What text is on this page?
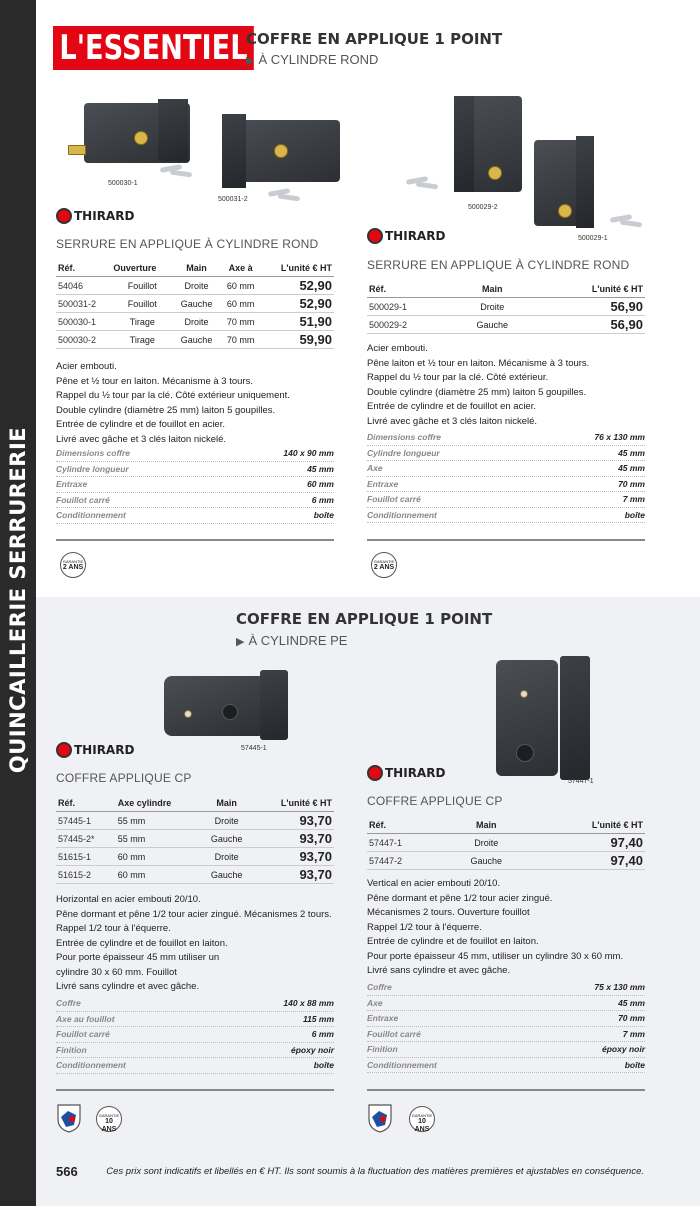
QUINCAILLERIE SERRURERIE
L'ESSENTIEL
COFFRE EN APPLIQUE 1 POINT
▶ À CYLINDRE ROND
500030-1
500031-2
500029-2
500029-1
THIRARD
SERRURE EN APPLIQUE À CYLINDRE ROND
Réf.	Ouverture	Main	Axe à	L'unité € HT
54046	Fouillot	Droite	60 mm	52,90
500031-2	Fouillot	Gauche	60 mm	52,90
500030-1	Tirage	Droite	70 mm	51,90
500030-2	Tirage	Gauche	70 mm	59,90
Acier embouti.
Pêne et ½ tour en laiton. Mécanisme à 3 tours.
Rappel du ½ tour par la clé. Côté extérieur uniquement.
Double cylindre (diamètre 25 mm) laiton 5 goupilles.
Entrée de cylindre et de fouillot en acier.
Livré avec gâche et 3 clés laiton nickelé.
Dimensions coffre	140 x 90 mm
Cylindre longueur	45 mm
Entraxe	60 mm
Fouillot carré	6 mm
Conditionnement	boîte
GARANTIE
2 ANS
THIRARD
SERRURE EN APPLIQUE À CYLINDRE ROND
Réf.	Main	L'unité € HT
500029-1	Droite	56,90
500029-2	Gauche	56,90
Acier embouti.
Pêne laiton et ½ tour en laiton. Mécanisme à 3 tours.
Rappel du ½ tour par la clé. Côté extérieur.
Double cylindre (diamètre 25 mm) laiton 5 goupilles.
Entrée de cylindre et de fouillot en acier.
Livré avec gâche et 3 clés laiton nickelé.
Dimensions coffre	76 x 130 mm
Cylindre longueur	45 mm
Axe	45 mm
Entraxe	70 mm
Fouillot carré	7 mm
Conditionnement	boîte
GARANTIE
2 ANS
COFFRE EN APPLIQUE 1 POINT
▶ À CYLINDRE PE
57445-1
57447-1
THIRARD
COFFRE APPLIQUE CP
Réf.	Axe cylindre	Main	L'unité € HT
57445-1	55 mm	Droite	93,70
57445-2*	55 mm	Gauche	93,70
51615-1	60 mm	Droite	93,70
51615-2	60 mm	Gauche	93,70
Horizontal en acier embouti 20/10.
Pêne dormant et pêne 1/2 tour acier zingué. Mécanismes 2 tours.
Rappel 1/2 tour à l'équerre.
Entrée de cylindre et de fouillot en laiton.
Pour porte épaisseur 45 mm utiliser un
cylindre 30 x 60 mm. Fouillot
Livré sans cylindre et avec gâche.
Coffre	140 x 88 mm
Axe au fouillot	115 mm
Fouillot carré	6 mm
Finition	époxy noir
Conditionnement	boîte
GARANTIE
10 ANS
THIRARD
COFFRE APPLIQUE CP
Réf.	Main	L'unité € HT
57447-1	Droite	97,40
57447-2	Gauche	97,40
Vertical en acier embouti 20/10.
Pêne dormant et pêne 1/2 tour acier zingué.
Mécanismes 2 tours. Ouverture fouillot
Rappel 1/2 tour à l'équerre.
Entrée de cylindre et de fouillot en laiton.
Pour porte épaisseur 45 mm, utiliser un cylindre 30 x 60 mm.
Livré sans cylindre et avec gâche.
Coffre	75 x 130 mm
Axe	45 mm
Entraxe	70 mm
Fouillot carré	7 mm
Finition	époxy noir
Conditionnement	boîte
GARANTIE
10 ANS
566	Ces prix sont indicatifs et libellés en € HT. Ils sont soumis à la fluctuation des matières premières et ajustables en conséquence.
